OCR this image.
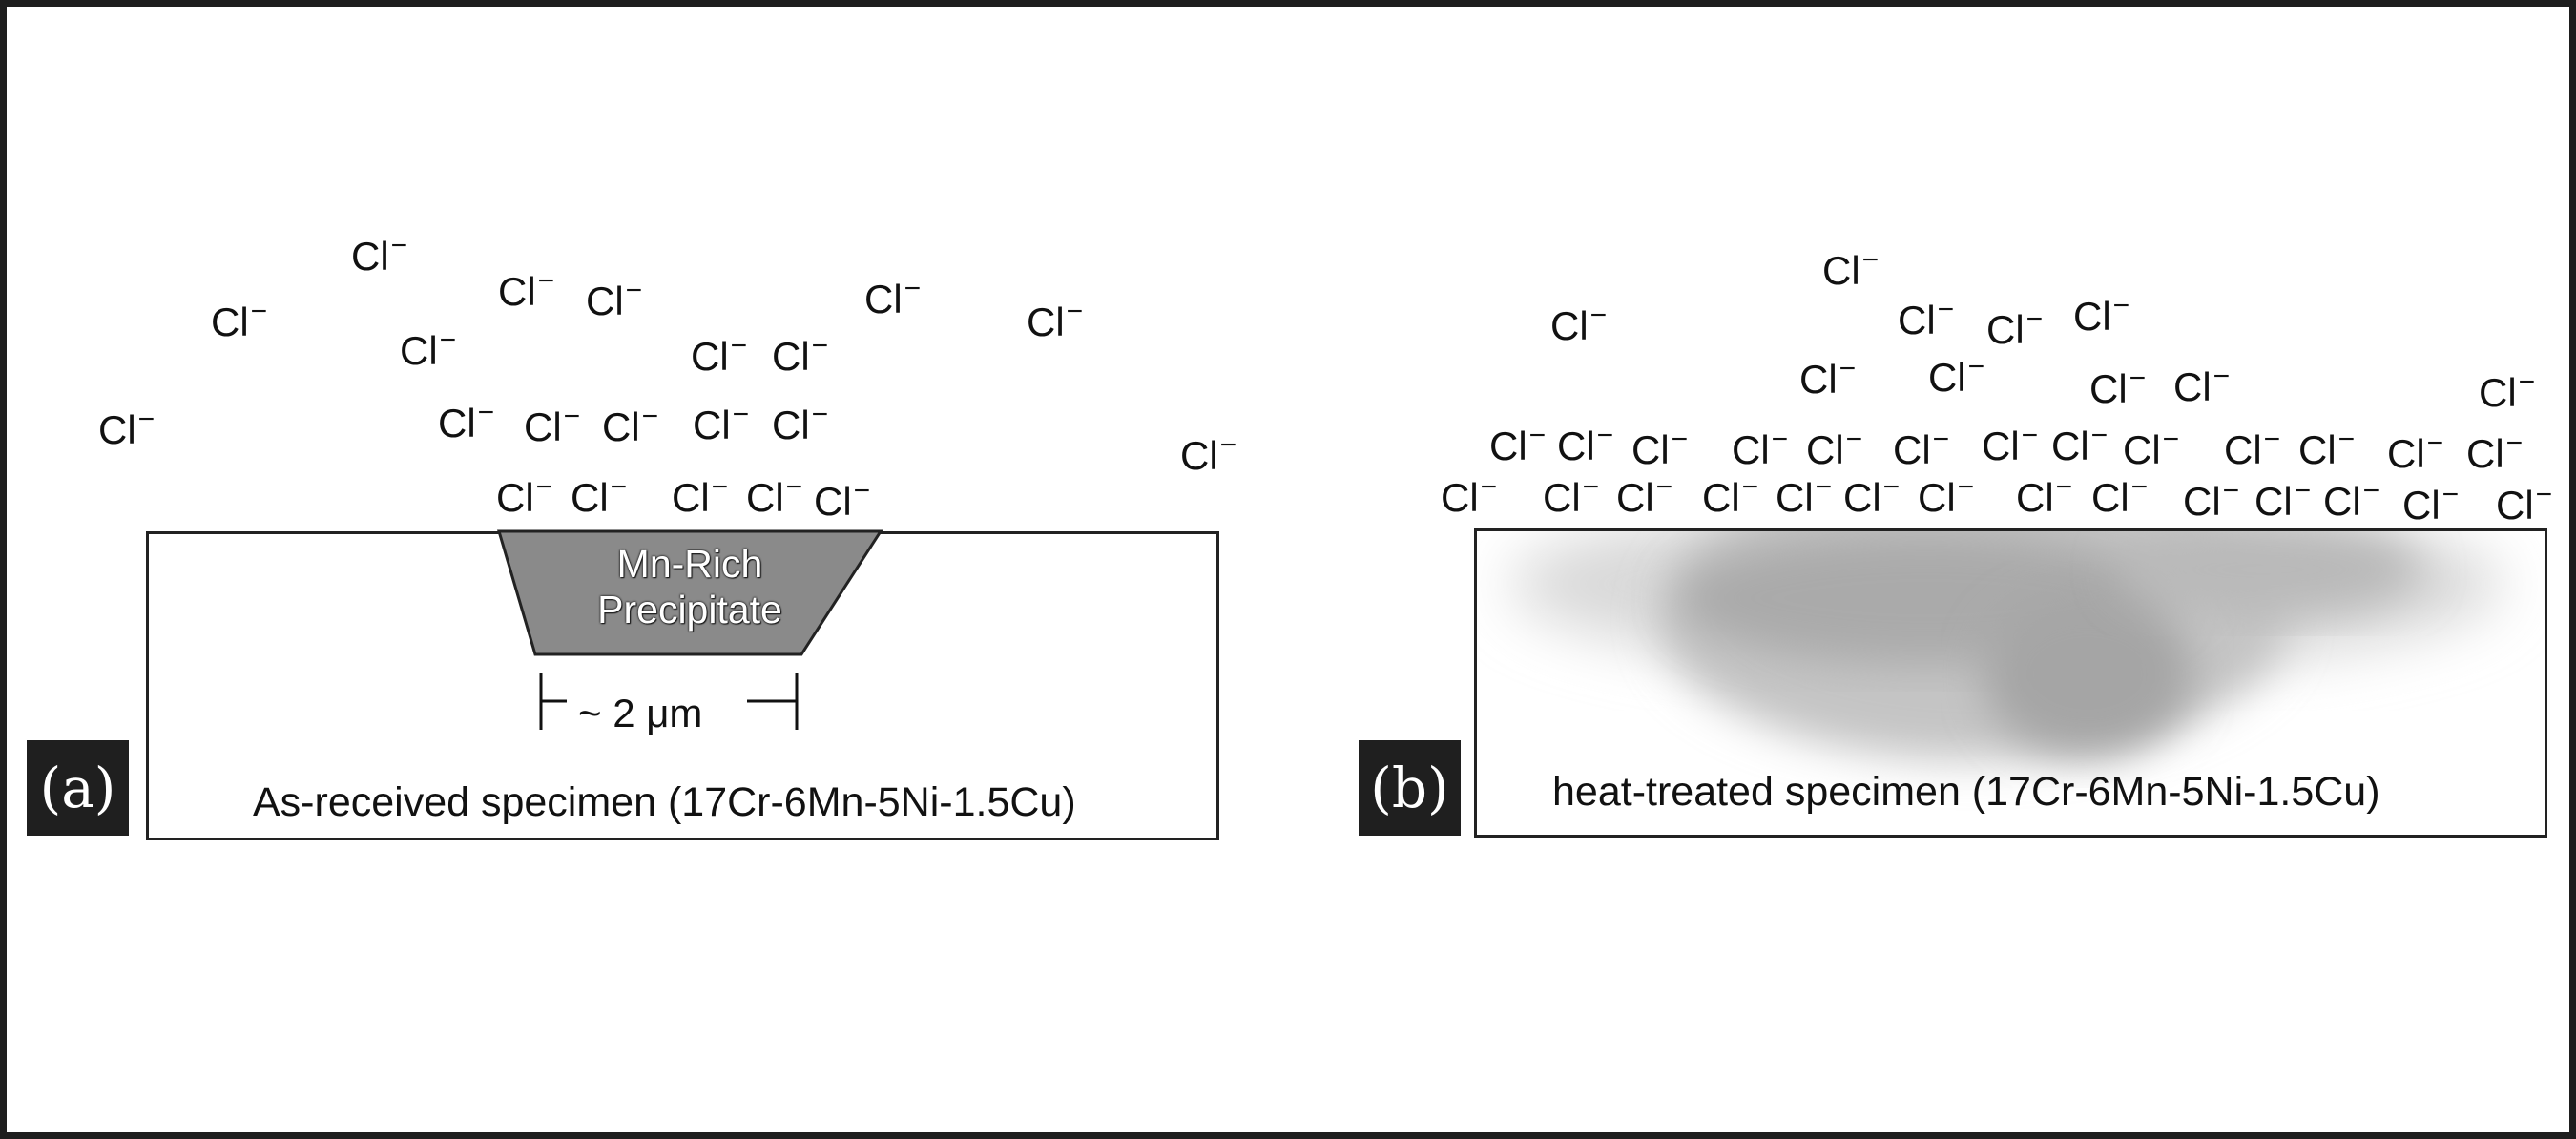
Mn-Rich
Precipitate
~ 2 μm
(a)	As-received specimen (17Cr-6Mn-5Ni-1.5Cu)	(b)	heat-treated specimen (17Cr-6Mn-5Ni-1.5Cu)
Cl−
Cl− Cl−	Cl−
Cl−	Cl−
Cl−	Cl− Cl−
Cl− Cl− Cl− Cl− Cl−
Cl−
Cl−
Cl− Cl− Cl− Cl− Cl−
Cl−
Cl−	Cl− Cl− Cl−
Cl− Cl−	Cl− Cl−	Cl−
Cl− Cl− Cl− Cl− Cl− Cl− Cl− Cl− Cl− Cl− Cl− Cl− Cl−
Cl− Cl− Cl− Cl− Cl− Cl− Cl− Cl− Cl− Cl− Cl− Cl− Cl− Cl−
